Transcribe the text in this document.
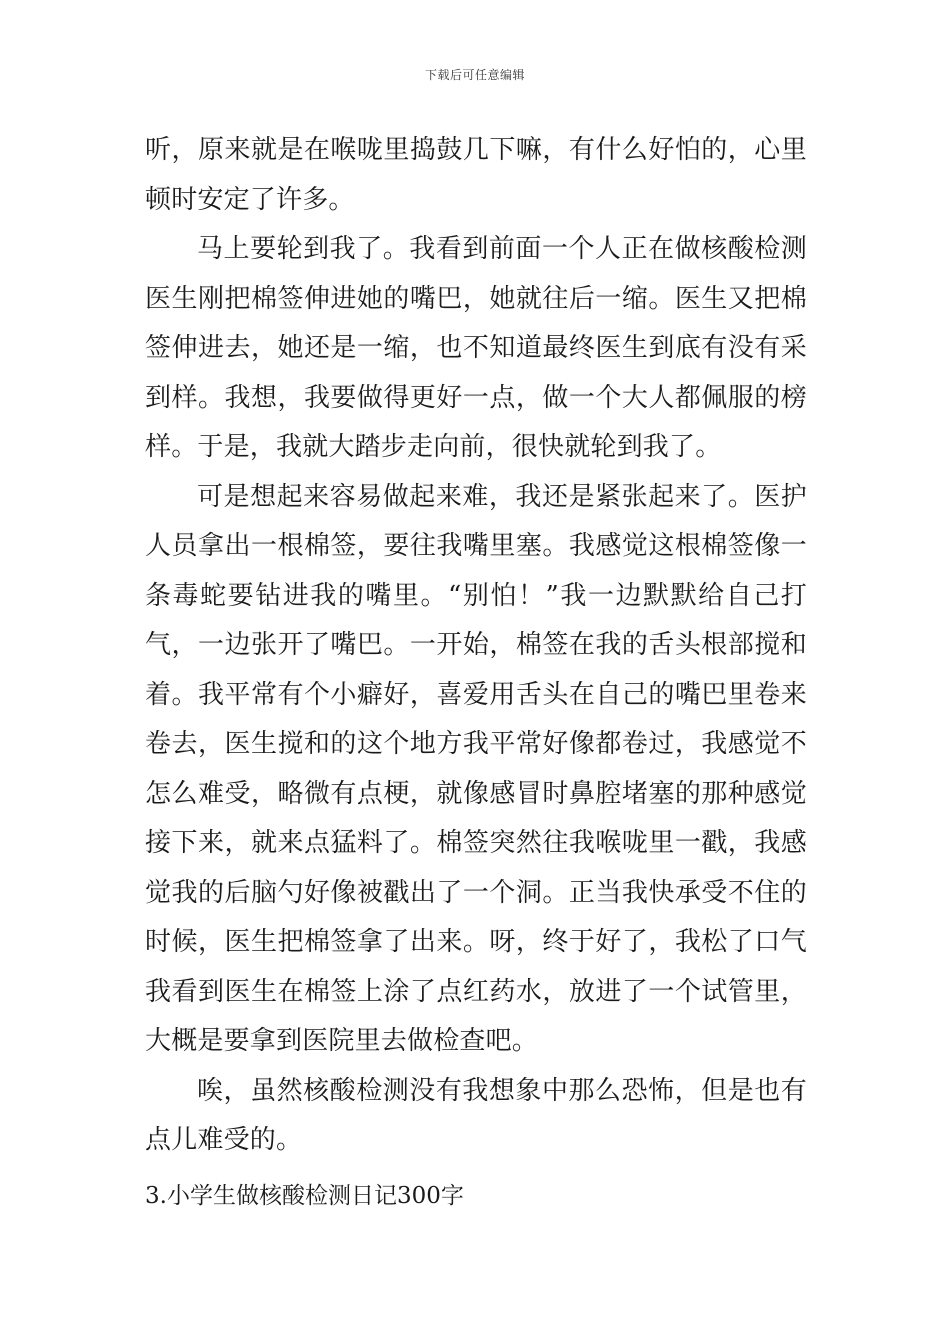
下载后可任意编辑

听，原来就是在喉咙里捣鼓几下嘛，有什么好怕的，心里顿时安定了许多。

马上要轮到我了。我看到前面一个人正在做核酸检测医生刚把棉签伸进她的嘴巴，她就往后一缩。医生又把棉签伸进去，她还是一缩，也不知道最终医生到底有没有采到样。我想，我要做得更好一点，做一个大人都佩服的榜样。于是，我就大踏步走向前，很快就轮到我了。

可是想起来容易做起来难，我还是紧张起来了。医护人员拿出一根棉签，要往我嘴里塞。我感觉这根棉签像一条毒蛇要钻进我的嘴里。“别怕！”我一边默默给自己打气，一边张开了嘴巴。一开始，棉签在我的舌头根部搅和着。我平常有个小癖好，喜爱用舌头在自己的嘴巴里卷来卷去，医生搅和的这个地方我平常好像都卷过，我感觉不怎么难受，略微有点梗，就像感冒时鼻腔堵塞的那种感觉接下来，就来点猛料了。棉签突然往我喉咙里一戳，我感觉我的后脑勺好像被戳出了一个洞。正当我快承受不住的时候，医生把棉签拿了出来。呀，终于好了，我松了口气我看到医生在棉签上涂了点红药水，放进了一个试管里，大概是要拿到医院里去做检查吧。

唉，虽然核酸检测没有我想象中那么恐怖，但是也有点儿难受的。

3.小学生做核酸检测日记300字
